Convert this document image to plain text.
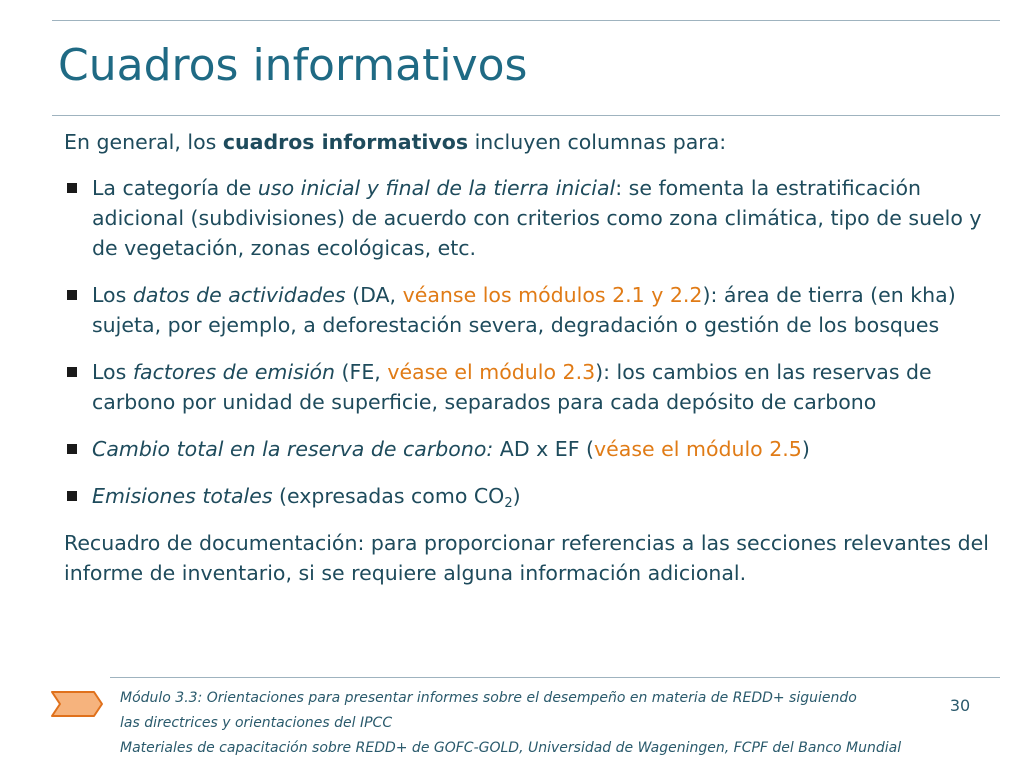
Cuadros informativos

En general, los cuadros informativos incluyen columnas para:

La categoría de uso inicial y final de la tierra inicial: se fomenta la estratificación adicional (subdivisiones) de acuerdo con criterios como zona climática, tipo de suelo y de vegetación, zonas ecológicas, etc.
Los datos de actividades (DA, véanse los módulos 2.1 y 2.2): área de tierra (en kha) sujeta, por ejemplo, a deforestación severa, degradación o gestión de los bosques
Los factores de emisión (FE, véase el módulo 2.3): los cambios en las reservas de carbono por unidad de superficie, separados para cada depósito de carbono
Cambio total en la reserva de carbono: AD x EF (véase el módulo 2.5)
Emisiones totales (expresadas como $CO_2$)

Recuadro de documentación: para proporcionar referencias a las secciones relevantes del informe de inventario, si se requiere alguna información adicional.

Módulo 3.3: Orientaciones para presentar informes sobre el desempeño en materia de REDD+ siguiendo
las directrices y orientaciones del IPCC
Materiales de capacitación sobre REDD+ de GOFC-GOLD, Universidad de Wageningen, FCPF del Banco Mundial
30
